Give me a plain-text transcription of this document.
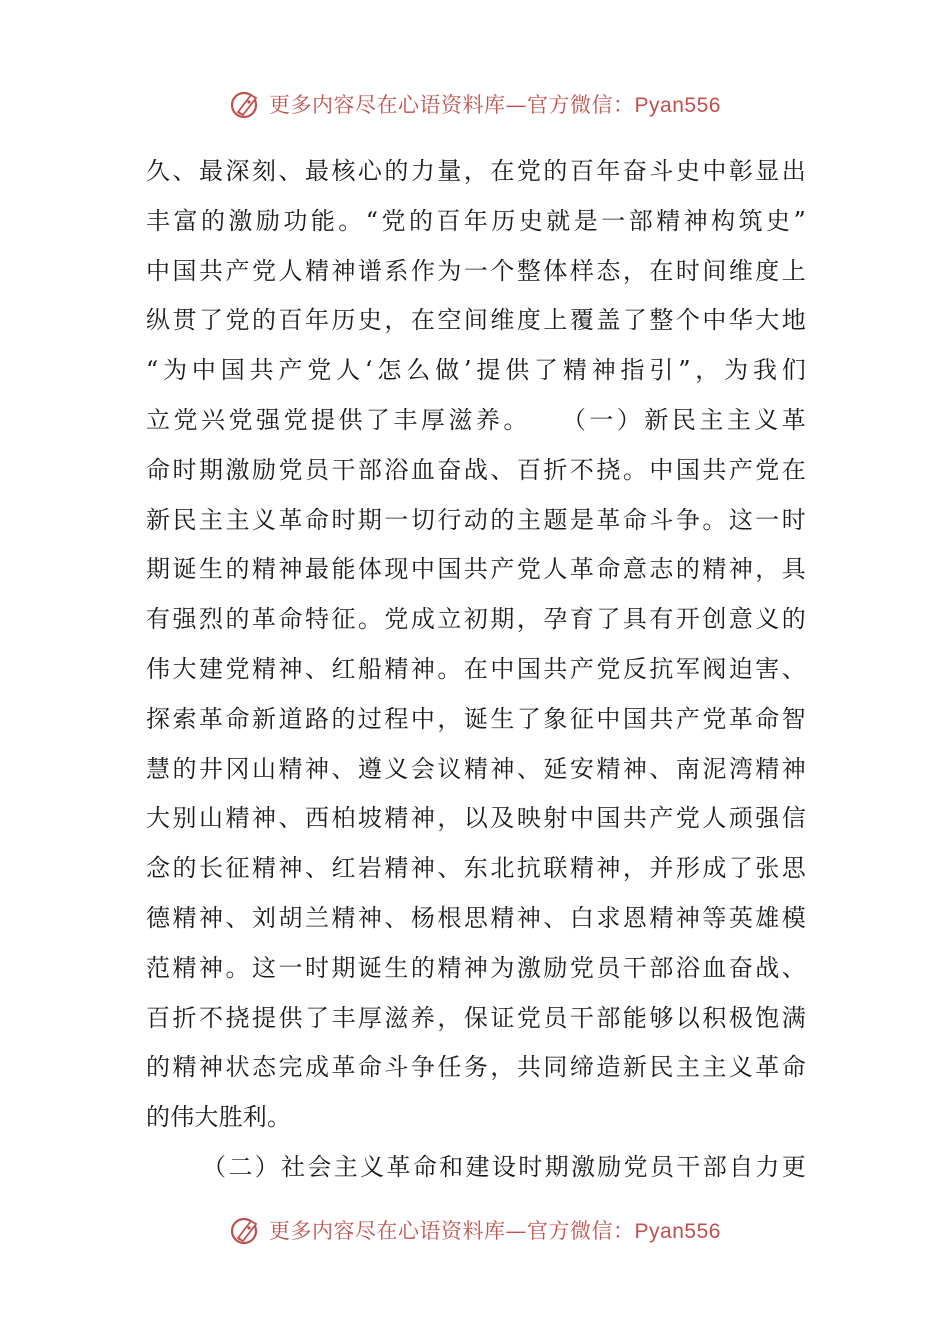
更多内容尽在心语资料库—官方微信：Pyan556
久、最深刻、最核心的力量，在党的百年奋斗史中彰显出
丰富的激励功能。“党的百年历史就是一部精神构筑史”
中国共产党人精神谱系作为一个整体样态，在时间维度上
纵贯了党的百年历史，在空间维度上覆盖了整个中华大地
“为中国共产党人‘怎么做’提供了精神指引”，为我们
立党兴党强党提供了丰厚滋养。　　（一）新民主主义革
命时期激励党员干部浴血奋战、百折不挠。中国共产党在
新民主主义革命时期一切行动的主题是革命斗争。这一时
期诞生的精神最能体现中国共产党人革命意志的精神，具
有强烈的革命特征。党成立初期，孕育了具有开创意义的
伟大建党精神、红船精神。在中国共产党反抗军阀迫害、
探索革命新道路的过程中，诞生了象征中国共产党革命智
慧的井冈山精神、遵义会议精神、延安精神、南泥湾精神
大别山精神、西柏坡精神，以及映射中国共产党人顽强信
念的长征精神、红岩精神、东北抗联精神，并形成了张思
德精神、刘胡兰精神、杨根思精神、白求恩精神等英雄模
范精神。这一时期诞生的精神为激励党员干部浴血奋战、
百折不挠提供了丰厚滋养，保证党员干部能够以积极饱满
的精神状态完成革命斗争任务，共同缔造新民主主义革命
的伟大胜利。
（二）社会主义革命和建设时期激励党员干部自力更
更多内容尽在心语资料库—官方微信：Pyan556
